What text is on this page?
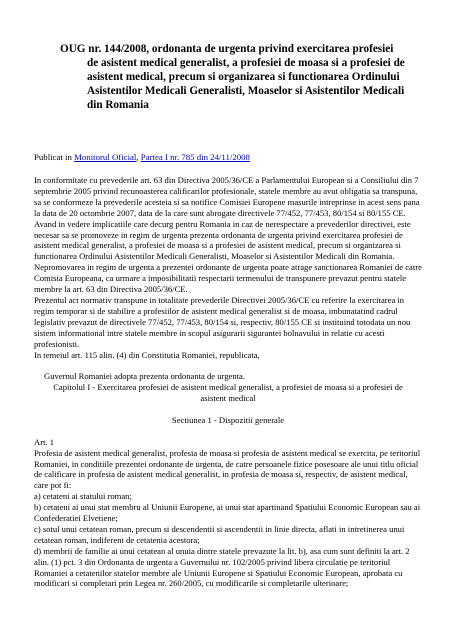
OUG nr. 144/2008, ordonanta de urgenta privind exercitarea profesiei de asistent medical generalist, a profesiei de moasa si a profesiei de asistent medical, precum si organizarea si functionarea Ordinului Asistentilor Medicali Generalisti, Moaselor si Asistentilor Medicali din Romania
Publicat in Monitorul Oficial, Partea I nr. 785 din 24/11/2008

In conformitate cu prevederile art. 63 din Directiva 2005/36/CE a Parlamentului European si a Consiliului din 7 septembrie 2005 privind recunoasterea calificarilor profesionale, statele membre au avut obligatia sa transpuna, sa se conformeze la prevederile acesteia si sa notifice Comisiei Europene masurile intreprinse in acest sens pana la data de 20 octombrie 2007, data de la care sunt abrogate directivele 77/452, 77/453, 80/154 si 80/155 CE.

Avand in vedere implicatiile care decurg pentru Romania in caz de nerespectare a prevederilor directivei, este necesar sa se promoveze in regim de urgenta prezenta ordonanta de urgenta privind exercitarea profesiei de asistent medical generalist, a profesiei de moasa si a profesiei de asistent medical, precum si organizarea si functionarea Ordinului Asistentilor Medicali Generalisti, Moaselor si Asistentilor Medicali din Romania.

Nepromovarea in regim de urgenta a prezentei ordonante de urgenta poate atrage sanctionarea Romaniei de catre Comisia Europeana, ca urmare a imposibilitatii respectarii termenului de transpunere prevazut pentru statele membre la art. 63 din Directiva 2005/36/CE.

Prezentul act normativ transpune in totalitate prevederile Directivei 2005/36/CE cu referire la exercitarea in regim temporar si de stabilire a profesiilor de asistent medical generalist si de moasa, imbunatatind cadrul legislativ prevazut de directivele 77/452, 77/453, 80/154 si, respectiv, 80/155 CE si instituind totodata un nou sistem informational intre statele membre in scopul asigurarii sigurantei bolnavului in relatie cu acesti profesionisti.

In temeiul art. 115 alin. (4) din Constitutia Romaniei, republicata,

Guvernul Romaniei adopta prezenta ordonanta de urgenta.

Capitolul I - Exercitarea profesiei de asistent medical generalist, a profesiei de moasa si a profesiei de asistent medical

Sectiunea 1 - Dispozitii generale

Art. 1

Profesia de asistent medical generalist, profesia de moasa si profesia de asistent medical se exercita, pe teritoriul Romaniei, in conditiile prezentei ordonante de urgenta, de catre persoanele fizice posesoare ale unui titlu oficial de calificare in profesia de asistent medical generalist, in profesia de moasa si, respectiv, de asistent medical, care pot fi:

a) cetateni ai statului roman;

b) cetateni ai unui stat membru al Uniunii Europene, ai unui stat apartinand Spatiului Economic European sau ai Confederatiei Elvetiene;

c) sotul unui cetatean roman, precum si descendentii si ascendentii in linie directa, aflati in intretinerea unui cetatean roman, indiferent de cetatenia acestora;

d) membrii de familie ai unui cetatean al unuia dintre statele prevazute la lit. b), asa cum sunt definiti la art. 2 alin. (1) pct. 3 din Ordonanta de urgenta a Guvernului nr. 102/2005 privind libera circulatie pe teritoriul Romaniei a cetatenilor statelor membre ale Uniunii Europene si Spatiului Economic European, aprobata cu modificari si completari prin Legea nr. 260/2005, cu modificarile si completarile ulterioare;
